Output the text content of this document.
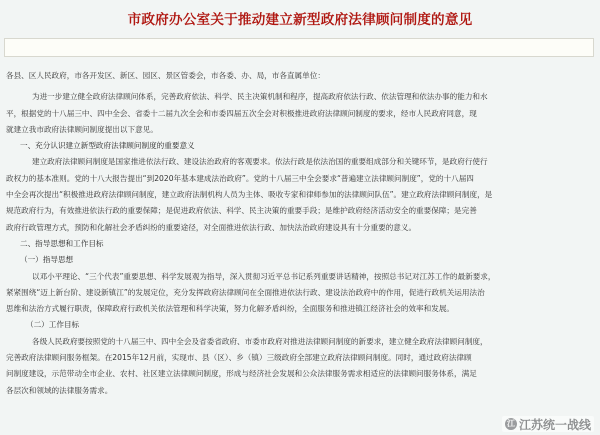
市政府办公室关于推动建立新型政府法律顾问制度的意见
各县、区人民政府，市各开发区、新区、园区、景区管委会，市各委、办、局，市各直属单位：
为进一步建立健全政府法律顾问体系，完善政府依法、科学、民主决策机制和程序，提高政府依法行政、依法管理和依法办事的能力和水
平，根据党的十八届三中、四中全会、省委十二届九次全会和市委四届五次全会对积极推进政府法律顾问制度的要求，经市人民政府同意，现
就建立我市政府法律顾问制度提出以下意见。
一、充分认识建立新型政府法律顾问制度的重要意义
建立政府法律顾问制度是国家推进依法行政、建设法治政府的客观要求。依法行政是依法治国的重要组成部分和关键环节，是政府行使行
政权力的基本准则。党的十八大报告提出“到2020年基本建成法治政府”。党的十八届三中全会要求“普遍建立法律顾问制度”，党的十八届四
中全会再次提出“积极推进政府法律顾问制度，建立政府法制机构人员为主体、吸收专家和律师参加的法律顾问队伍”。建立政府法律顾问制度，是
规范政府行为，有效推进依法行政的重要保障；是促进政府依法、科学、民主决策的重要手段；是维护政府经济活动安全的重要保障；是完善
政府行政管理方式，预防和化解社会矛盾纠纷的重要途径，对全面推进依法行政、加快法治政府建设具有十分重要的意义。
二、指导思想和工作目标
（一）指导思想
以邓小平理论、“三个代表”重要思想、科学发展观为指导，深入贯彻习近平总书记系列重要讲话精神，按照总书记对江苏工作的最新要求，
紧紧围绕“迈上新台阶、建设新镇江”的发展定位，充分发挥政府法律顾问在全面推进依法行政、建设法治政府中的作用，促进行政机关运用法治
思维和法治方式履行职责，保障政府行政机关依法管理和科学决策，努力化解矛盾纠纷，全面服务和推进镇江经济社会的效率和发展。
（二）工作目标
各级人民政府要按照党的十八届三中、四中全会及省委省政府、市委市政府对推进法律顾问制度的新要求，建立健全政府法律顾问制度，
完善政府法律顾问服务框架。在2015年12月前，实现市、县（区）、乡（镇）三级政府全部建立政府法律顾问制度。同时，通过政府法律顾
问制度建设，示范带动全市企业、农村、社区建立法律顾问制度，形成与经济社会发展和公众法律服务需求相适应的法律顾问服务体系，满足
各层次和领域的法律服务需求。
江 江苏统一战线
